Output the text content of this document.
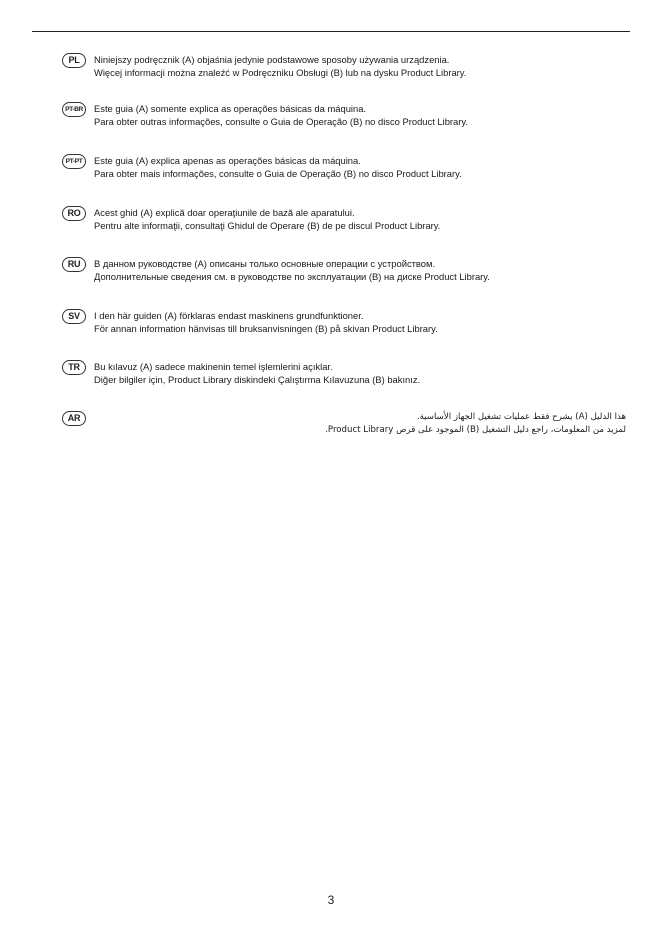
PL	Niniejszy podręcznik (A) objaśnia jedynie podstawowe sposoby używania urządzenia.
Więcej informacji można znaleźć w Podręczniku Obsługi (B) lub na dysku Product Library.
PT-BR	Este guia (A) somente explica as operações básicas da máquina.
Para obter outras informações, consulte o Guia de Operação (B) no disco Product Library.
PT-PT	Este guia (A) explica apenas as operações básicas da máquina.
Para obter mais informações, consulte o Guia de Operação (B) no disco Product Library.
RO	Acest ghid (A) explică doar operaţiunile de bază ale aparatului.
Pentru alte informaţii, consultaţi Ghidul de Operare (B) de pe discul Product Library.
RU	В данном руководстве (A) описаны только основные операции с устройством.
Дополнительные сведения см. в руководстве по эксплуатации (B) на диске Product Library.
SV	I den här guiden (A) förklaras endast maskinens grundfunktioner.
För annan information hänvisas till bruksanvisningen (B) på skivan Product Library.
TR	Bu kılavuz (A) sadece makinenin temel işlemlerini açıklar.
Diğer bilgiler için, Product Library diskindeki Çalıştırma Kılavuzuna (B) bakınız.
AR	هذا الدليل (A) يشرح فقط عمليات تشغيل الجهاز الأساسية.
لمزيد من المعلومات، راجع دليل التشغيل (B) الموجود على قرص Product Library.
3
